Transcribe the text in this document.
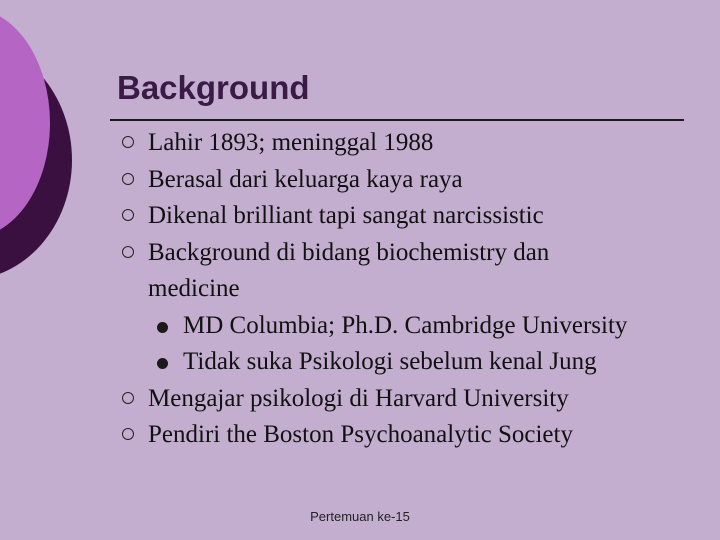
Background
Lahir 1893; meninggal 1988
Berasal dari keluarga kaya raya
Dikenal brilliant tapi sangat narcissistic
Background di bidang biochemistry dan
medicine
MD Columbia; Ph.D. Cambridge University
Tidak suka Psikologi sebelum kenal Jung
Mengajar psikologi di Harvard University
Pendiri the Boston Psychoanalytic Society
Pertemuan ke-15
